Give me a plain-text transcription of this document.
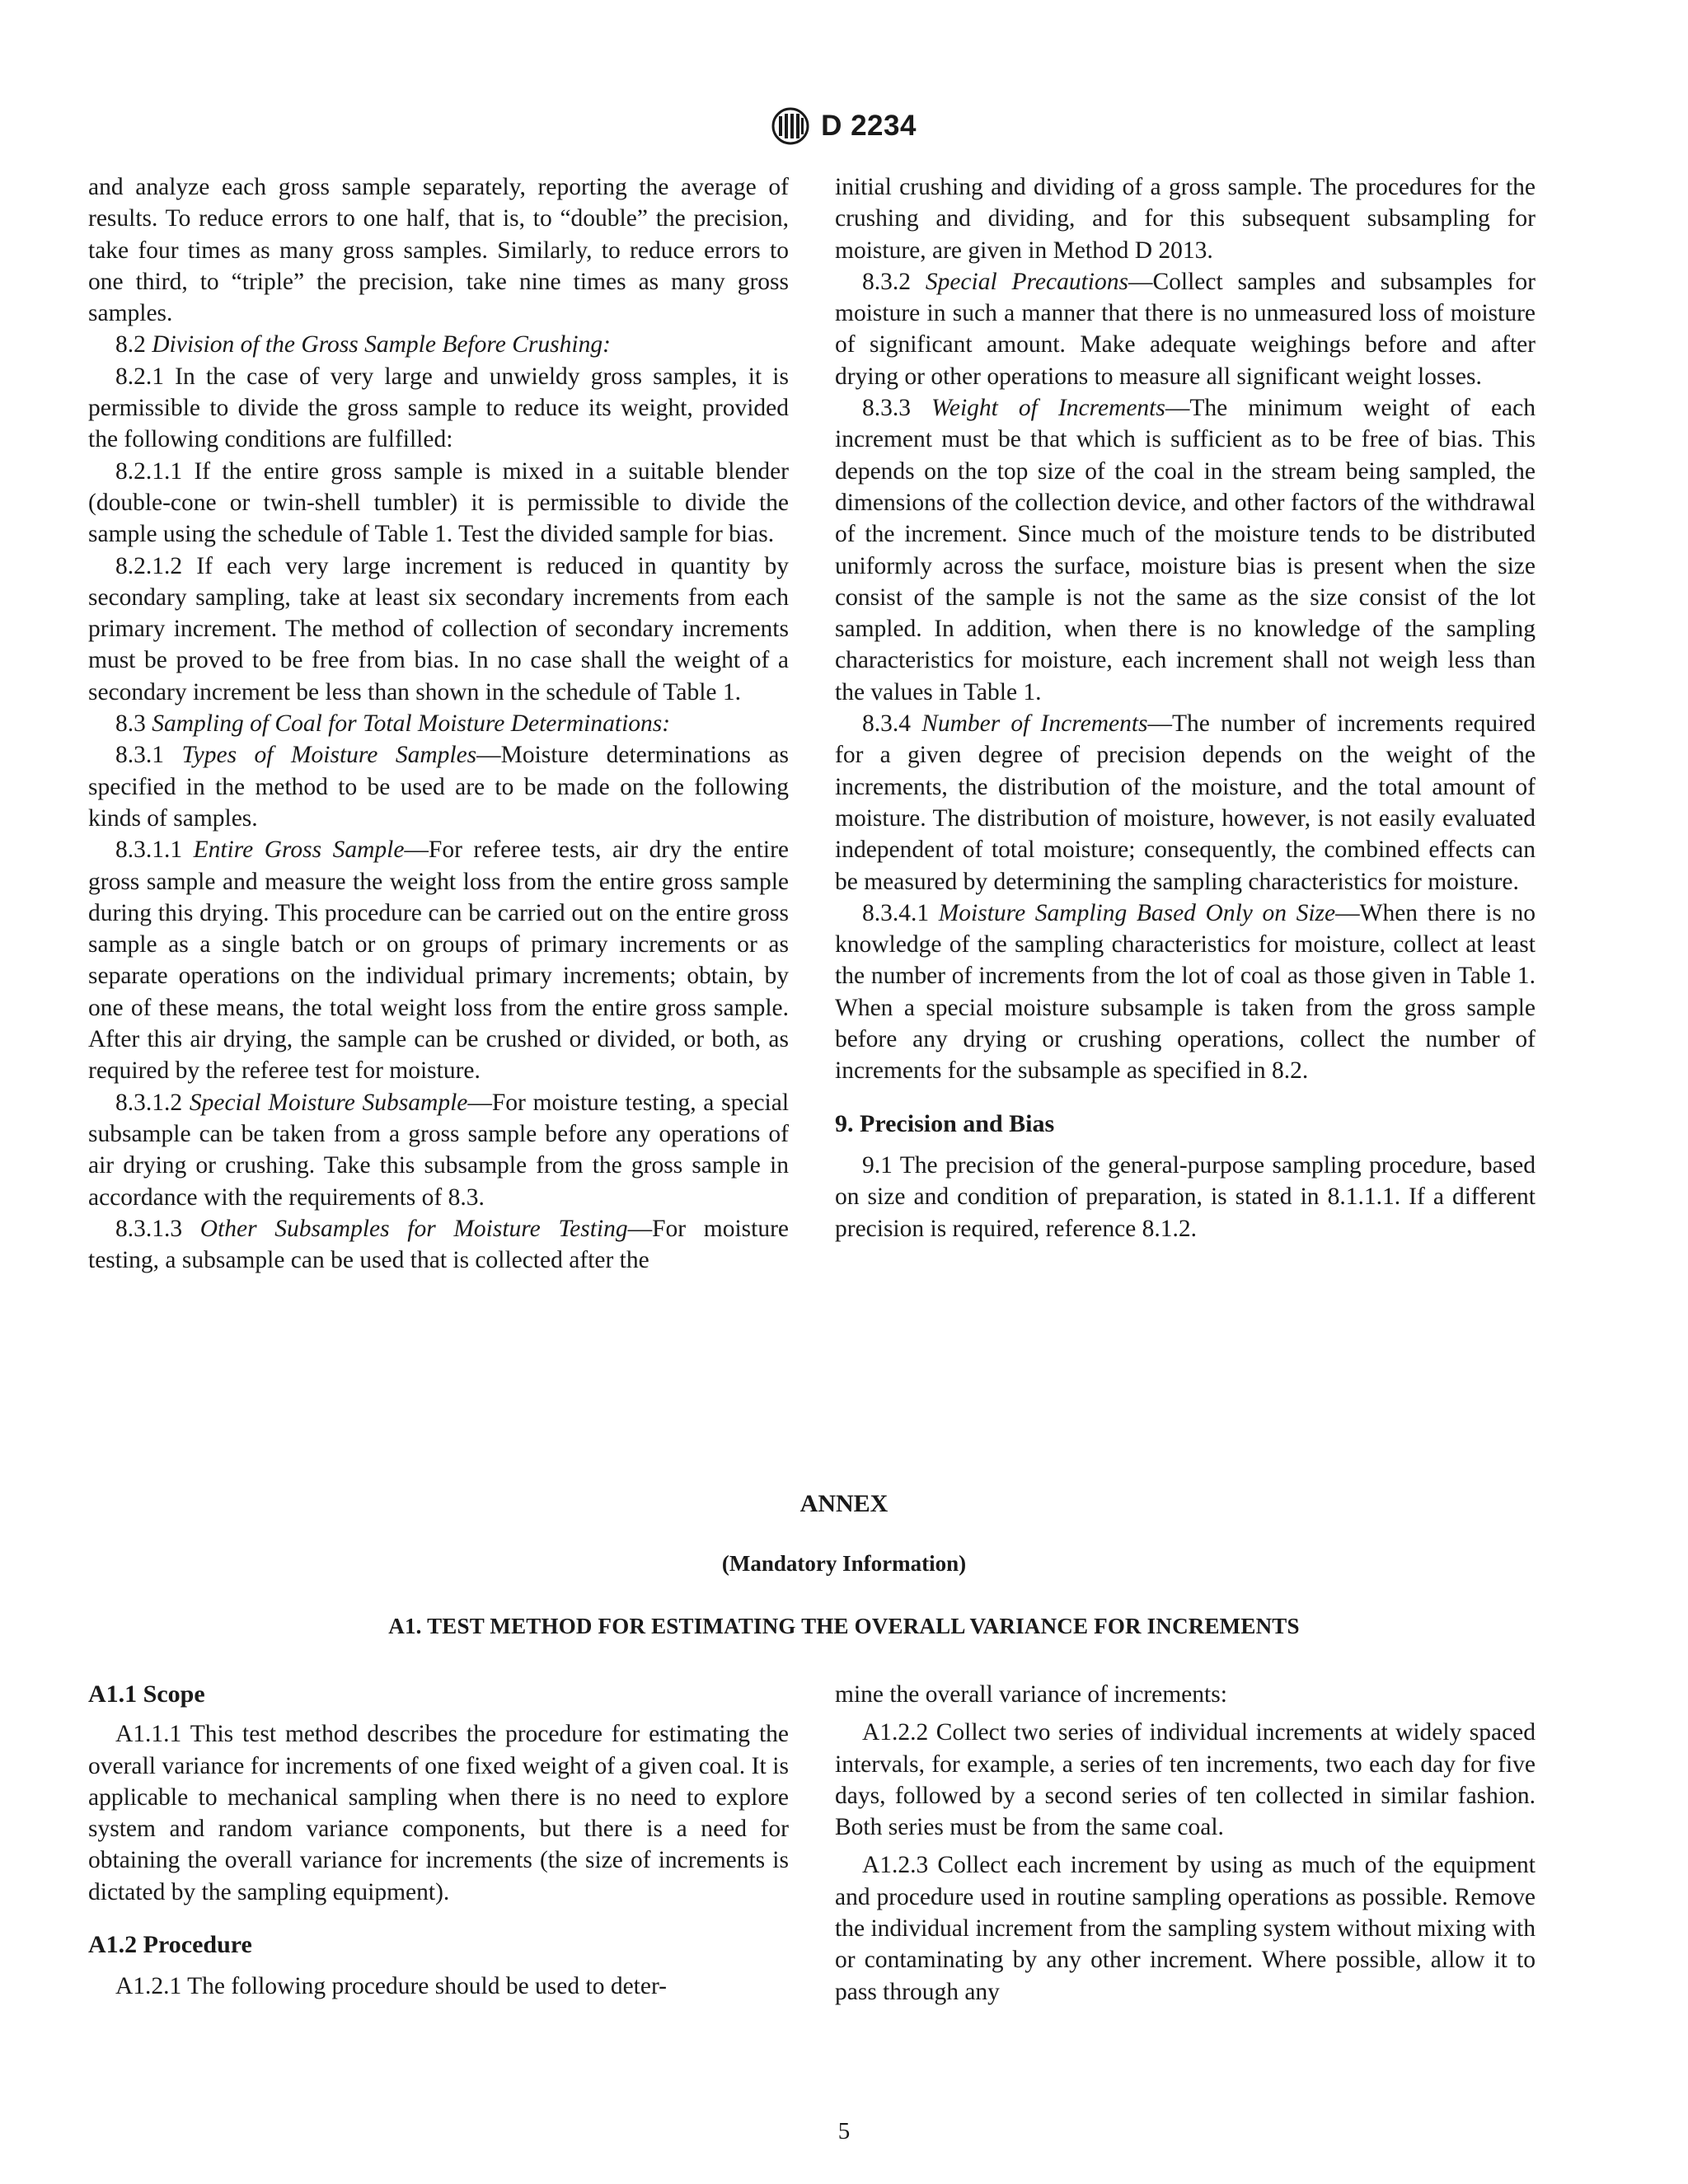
D 2234

and analyze each gross sample separately, reporting the average of results. To reduce errors to one half, that is, to “double” the precision, take four times as many gross samples. Similarly, to reduce errors to one third, to “triple” the precision, take nine times as many gross samples.

8.2 Division of the Gross Sample Before Crushing:

8.2.1 In the case of very large and unwieldy gross samples, it is permissible to divide the gross sample to reduce its weight, provided the following conditions are fulfilled:

8.2.1.1 If the entire gross sample is mixed in a suitable blender (double-cone or twin-shell tumbler) it is permissible to divide the sample using the schedule of Table 1. Test the divided sample for bias.

8.2.1.2 If each very large increment is reduced in quantity by secondary sampling, take at least six secondary increments from each primary increment. The method of collection of secondary increments must be proved to be free from bias. In no case shall the weight of a secondary increment be less than shown in the schedule of Table 1.

8.3 Sampling of Coal for Total Moisture Determinations:

8.3.1 Types of Moisture Samples—Moisture determinations as specified in the method to be used are to be made on the following kinds of samples.

8.3.1.1 Entire Gross Sample—For referee tests, air dry the entire gross sample and measure the weight loss from the entire gross sample during this drying. This procedure can be carried out on the entire gross sample as a single batch or on groups of primary increments or as separate operations on the individual primary increments; obtain, by one of these means, the total weight loss from the entire gross sample. After this air drying, the sample can be crushed or divided, or both, as required by the referee test for moisture.

8.3.1.2 Special Moisture Subsample—For moisture testing, a special subsample can be taken from a gross sample before any operations of air drying or crushing. Take this subsample from the gross sample in accordance with the requirements of 8.3.

8.3.1.3 Other Subsamples for Moisture Testing—For moisture testing, a subsample can be used that is collected after the

initial crushing and dividing of a gross sample. The procedures for the crushing and dividing, and for this subsequent subsampling for moisture, are given in Method D 2013.

8.3.2 Special Precautions—Collect samples and subsamples for moisture in such a manner that there is no unmeasured loss of moisture of significant amount. Make adequate weighings before and after drying or other operations to measure all significant weight losses.

8.3.3 Weight of Increments—The minimum weight of each increment must be that which is sufficient as to be free of bias. This depends on the top size of the coal in the stream being sampled, the dimensions of the collection device, and other factors of the withdrawal of the increment. Since much of the moisture tends to be distributed uniformly across the surface, moisture bias is present when the size consist of the sample is not the same as the size consist of the lot sampled. In addition, when there is no knowledge of the sampling characteristics for moisture, each increment shall not weigh less than the values in Table 1.

8.3.4 Number of Increments—The number of increments required for a given degree of precision depends on the weight of the increments, the distribution of the moisture, and the total amount of moisture. The distribution of moisture, however, is not easily evaluated independent of total moisture; consequently, the combined effects can be measured by determining the sampling characteristics for moisture.

8.3.4.1 Moisture Sampling Based Only on Size—When there is no knowledge of the sampling characteristics for moisture, collect at least the number of increments from the lot of coal as those given in Table 1. When a special moisture subsample is taken from the gross sample before any drying or crushing operations, collect the number of increments for the subsample as specified in 8.2.

9. Precision and Bias

9.1 The precision of the general-purpose sampling procedure, based on size and condition of preparation, is stated in 8.1.1.1. If a different precision is required, reference 8.1.2.

ANNEX
(Mandatory Information)
A1. TEST METHOD FOR ESTIMATING THE OVERALL VARIANCE FOR INCREMENTS
A1.1 Scope

A1.1.1 This test method describes the procedure for estimating the overall variance for increments of one fixed weight of a given coal. It is applicable to mechanical sampling when there is no need to explore system and random variance components, but there is a need for obtaining the overall variance for increments (the size of increments is dictated by the sampling equipment).

A1.2 Procedure

A1.2.1 The following procedure should be used to deter-

mine the overall variance of increments:

A1.2.2 Collect two series of individual increments at widely spaced intervals, for example, a series of ten increments, two each day for five days, followed by a second series of ten collected in similar fashion. Both series must be from the same coal.

A1.2.3 Collect each increment by using as much of the equipment and procedure used in routine sampling operations as possible. Remove the individual increment from the sampling system without mixing with or contaminating by any other increment. Where possible, allow it to pass through any

5
